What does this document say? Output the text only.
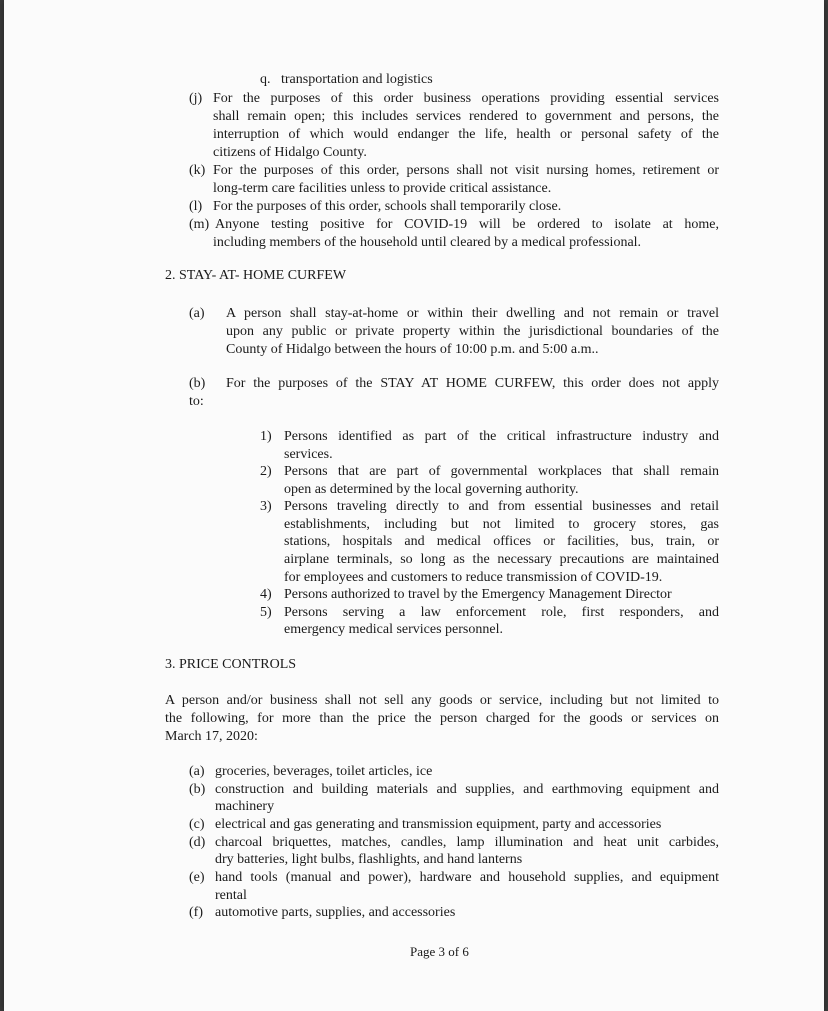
q. transportation and logistics
(j) For the purposes of this order business operations providing essential services
shall remain open; this includes services rendered to government and persons, the
interruption of which would endanger the life, health or personal safety of the
citizens of Hidalgo County.
(k) For the purposes of this order, persons shall not visit nursing homes, retirement or
long-term care facilities unless to provide critical assistance.
(l) For the purposes of this order, schools shall temporarily close.
(m) Anyone testing positive for COVID-19 will be ordered to isolate at home,
including members of the household until cleared by a medical professional.
2. STAY- AT- HOME CURFEW
(a) A person shall stay-at-home or within their dwelling and not remain or travel
upon any public or private property within the jurisdictional boundaries of the
County of Hidalgo between the hours of 10:00 p.m. and 5:00 a.m..
(b) For the purposes of the STAY AT HOME CURFEW, this order does not apply
to:
1) Persons identified as part of the critical infrastructure industry and
services.
2) Persons that are part of governmental workplaces that shall remain
open as determined by the local governing authority.
3) Persons traveling directly to and from essential businesses and retail
establishments, including but not limited to grocery stores, gas
stations, hospitals and medical offices or facilities, bus, train, or
airplane terminals, so long as the necessary precautions are maintained
for employees and customers to reduce transmission of COVID-19.
4) Persons authorized to travel by the Emergency Management Director
5) Persons serving a law enforcement role, first responders, and
emergency medical services personnel.
3. PRICE CONTROLS
A person and/or business shall not sell any goods or service, including but not limited to
the following, for more than the price the person charged for the goods or services on
March 17, 2020:
(a) groceries, beverages, toilet articles, ice
(b) construction and building materials and supplies, and earthmoving equipment and
machinery
(c) electrical and gas generating and transmission equipment, party and accessories
(d) charcoal briquettes, matches, candles, lamp illumination and heat unit carbides,
dry batteries, light bulbs, flashlights, and hand lanterns
(e) hand tools (manual and power), hardware and household supplies, and equipment
rental
(f) automotive parts, supplies, and accessories
Page 3 of 6
